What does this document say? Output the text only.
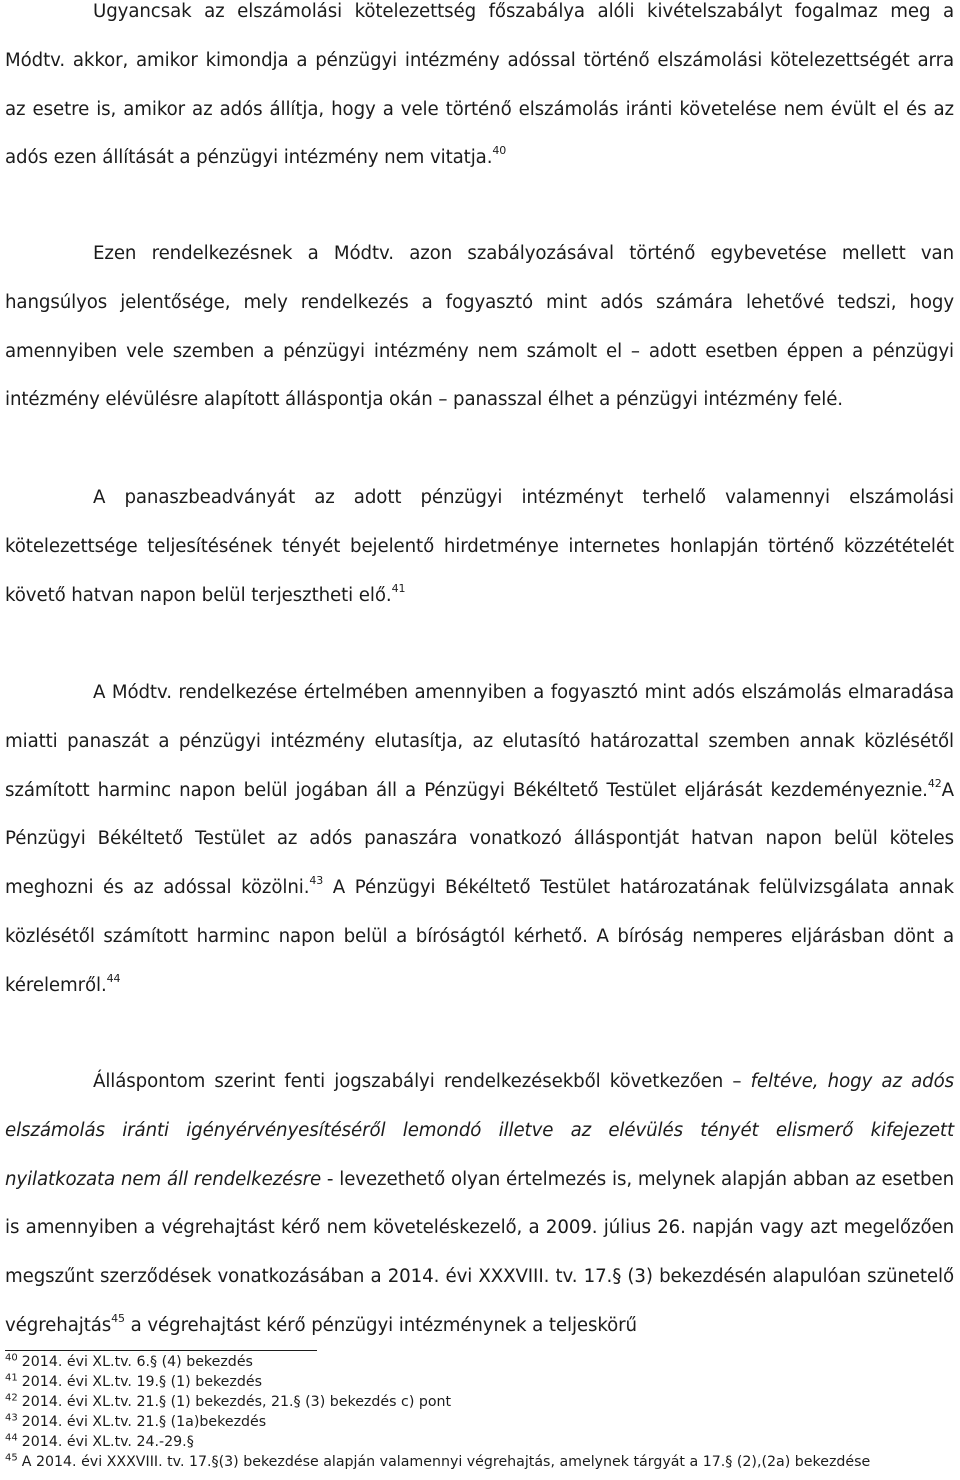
Ugyancsak az elszámolási kötelezettség főszabálya alóli kivételszabályt fogalmaz meg a Módtv. akkor, amikor kimondja a pénzügyi intézmény adóssal történő elszámolási kötelezettségét arra az esetre is, amikor az adós állítja, hogy a vele történő elszámolás iránti követelése nem évült el és az adós ezen állítását a pénzügyi intézmény nem vitatja.$^{40}$

Ezen rendelkezésnek a Módtv. azon szabályozásával történő egybevetése mellett van hangsúlyos jelentősége, mely rendelkezés a fogyasztó mint adós számára lehetővé tedszi, hogy amennyiben vele szemben a pénzügyi intézmény nem számolt el – adott esetben éppen a pénzügyi intézmény elévülésre alapított álláspontja okán – panasszal élhet a pénzügyi intézmény felé.

A panaszbeadványát az adott pénzügyi intézményt terhelő valamennyi elszámolási kötelezettsége teljesítésének tényét bejelentő hirdetménye internetes honlapján történő közzétételét követő hatvan napon belül terjesztheti elő.$^{41}$

A Módtv. rendelkezése értelmében amennyiben a fogyasztó mint adós elszámolás elmaradása miatti panaszát a pénzügyi intézmény elutasítja, az elutasító határozattal szemben annak közlésétől számított harminc napon belül jogában áll a Pénzügyi Békéltető Testület eljárását kezdeményeznie.$^{42}$A Pénzügyi Békéltető Testület az adós panaszára vonatkozó álláspontját hatvan napon belül köteles meghozni és az adóssal közölni.$^{43}$ A Pénzügyi Békéltető Testület határozatának felülvizsgálata annak közlésétől számított harminc napon belül a bíróságtól kérhető. A bíróság nemperes eljárásban dönt a kérelemről.$^{44}$

Álláspontom szerint fenti jogszabályi rendelkezésekből következően – feltéve, hogy az adós elszámolás iránti igényérvényesítéséről lemondó illetve az elévülés tényét elismerő kifejezett nyilatkozata nem áll rendelkezésre - levezethető olyan értelmezés is, melynek alapján abban az esetben is amennyiben a végrehajtást kérő nem követeléskezelő, a 2009. július 26. napján vagy azt megelőzően megszűnt szerződések vonatkozásában a 2014. évi XXXVIII. tv. 17.§ (3) bekezdésén alapulóan szünetelő végrehajtás$^{45}$ a végrehajtást kérő pénzügyi intézménynek a teljeskörű

$^{40}$ 2014. évi XL.tv. 6.§ (4) bekezdés
$^{41}$ 2014. évi XL.tv. 19.§ (1) bekezdés
$^{42}$ 2014. évi XL.tv. 21.§ (1) bekezdés, 21.§ (3) bekezdés c) pont
$^{43}$ 2014. évi XL.tv. 21.§ (1a)bekezdés
$^{44}$ 2014. évi XL.tv. 24.-29.§
$^{45}$ A 2014. évi XXXVIII. tv. 17.§(3) bekezdése alapján valamennyi végrehajtás, amelynek tárgyát a 17.§ (2),(2a) bekezdése
